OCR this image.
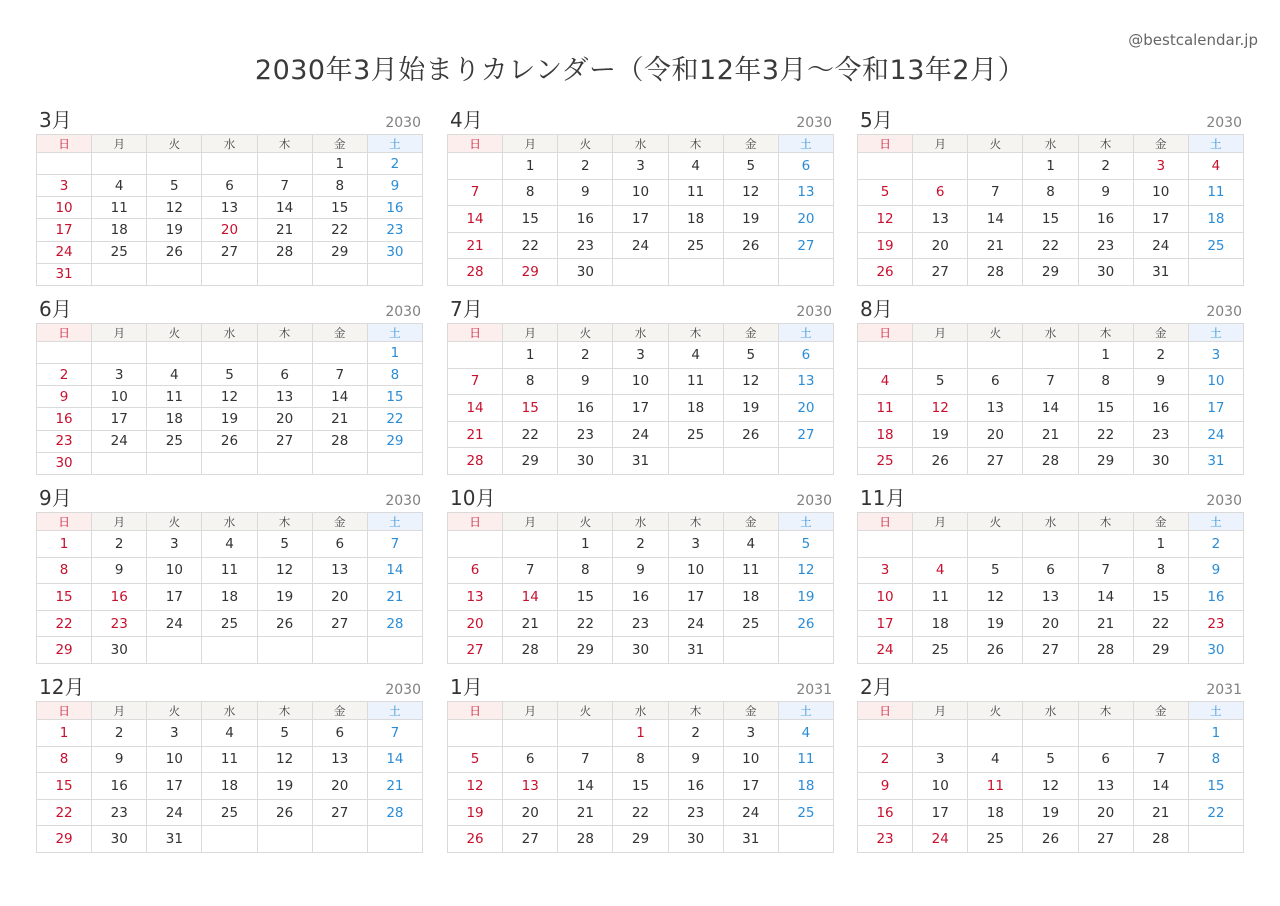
@bestcalendar.jp
2030年3月始まりカレンダー（令和12年3月〜令和13年2月）
3月	2030
日	月	火	水	木	金	土
					1	2
3	4	5	6	7	8	9
10	11	12	13	14	15	16
17	18	19	20	21	22	23
24	25	26	27	28	29	30
31						
4月	2030
日	月	火	水	木	金	土
	1	2	3	4	5	6
7	8	9	10	11	12	13
14	15	16	17	18	19	20
21	22	23	24	25	26	27
28	29	30				
5月	2030
日	月	火	水	木	金	土
			1	2	3	4
5	6	7	8	9	10	11
12	13	14	15	16	17	18
19	20	21	22	23	24	25
26	27	28	29	30	31	
6月	2030
日	月	火	水	木	金	土
						1
2	3	4	5	6	7	8
9	10	11	12	13	14	15
16	17	18	19	20	21	22
23	24	25	26	27	28	29
30						
7月	2030
日	月	火	水	木	金	土
	1	2	3	4	5	6
7	8	9	10	11	12	13
14	15	16	17	18	19	20
21	22	23	24	25	26	27
28	29	30	31			
8月	2030
日	月	火	水	木	金	土
				1	2	3
4	5	6	7	8	9	10
11	12	13	14	15	16	17
18	19	20	21	22	23	24
25	26	27	28	29	30	31
9月	2030
日	月	火	水	木	金	土
1	2	3	4	5	6	7
8	9	10	11	12	13	14
15	16	17	18	19	20	21
22	23	24	25	26	27	28
29	30					
10月	2030
日	月	火	水	木	金	土
		1	2	3	4	5
6	7	8	9	10	11	12
13	14	15	16	17	18	19
20	21	22	23	24	25	26
27	28	29	30	31		
11月	2030
日	月	火	水	木	金	土
					1	2
3	4	5	6	7	8	9
10	11	12	13	14	15	16
17	18	19	20	21	22	23
24	25	26	27	28	29	30
12月	2030
日	月	火	水	木	金	土
1	2	3	4	5	6	7
8	9	10	11	12	13	14
15	16	17	18	19	20	21
22	23	24	25	26	27	28
29	30	31				
1月	2031
日	月	火	水	木	金	土
			1	2	3	4
5	6	7	8	9	10	11
12	13	14	15	16	17	18
19	20	21	22	23	24	25
26	27	28	29	30	31	
2月	2031
日	月	火	水	木	金	土
						1
2	3	4	5	6	7	8
9	10	11	12	13	14	15
16	17	18	19	20	21	22
23	24	25	26	27	28	
